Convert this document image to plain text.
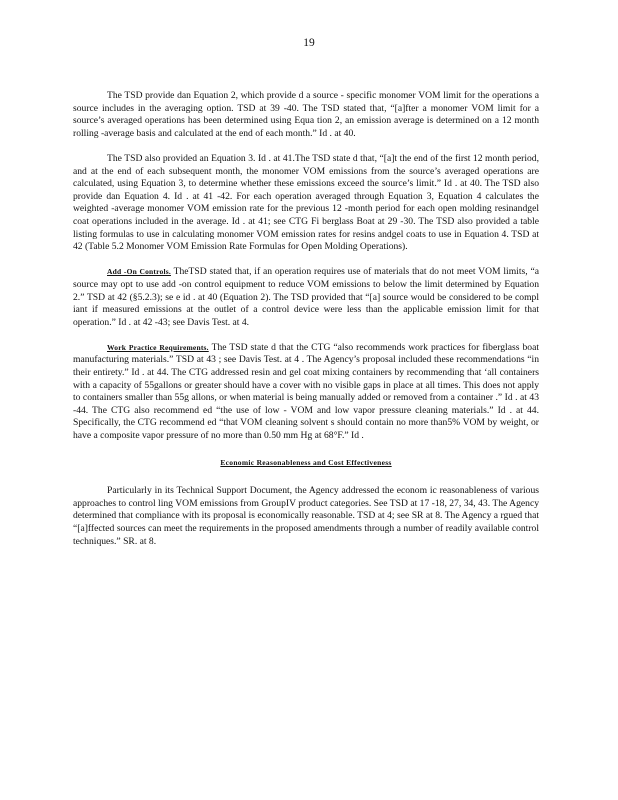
19

The TSD provide dan Equation 2, which provide d a source - specific monomer VOM limit for the operations a source includes in the averaging option. TSD at 39 -40. The TSD stated that, “[a]fter a monomer VOM limit for a source’s averaged operations has been determined using Equa tion 2, an emission average is determined on a 12 month rolling -average basis and calculated at the end of each month.” Id . at 40.

The TSD also provided an Equation 3. Id . at 41.The TSD state d that, “[a]t the end of the first 12 month period, and at the end of each subsequent month, the monomer VOM emissions from the source’s averaged operations are calculated, using Equation 3, to determine whether these emissions exceed the source’s limit.” Id . at 40. The TSD also provide dan Equation 4. Id . at 41 -42. For each operation averaged through Equation 3, Equation 4 calculates the weighted -average monomer VOM emission rate for the previous 12 -month period for each open molding resinandgel coat operations included in the average. Id . at 41; see CTG Fi berglass Boat at 29 -30. The TSD also provided a table listing formulas to use in calculating monomer VOM emission rates for resins andgel coats to use in Equation 4. TSD at 42 (Table 5.2 Monomer VOM Emission Rate Formulas for Open Molding Operations).

Add -On Controls. TheTSD stated that, if an operation requires use of materials that do not meet VOM limits, “a source may opt to use add -on control equipment to reduce VOM emissions to below the limit determined by Equation 2.” TSD at 42 (§5.2.3); se e id . at 40 (Equation 2). The TSD provided that “[a] source would be considered to be compl iant if measured emissions at the outlet of a control device were less than the applicable emission limit for that operation.” Id . at 42 -43; see Davis Test. at 4.

Work Practice Requirements. The TSD state d that the CTG “also recommends work practices for fiberglass boat manufacturing materials.” TSD at 43 ; see Davis Test. at 4 . The Agency’s proposal included these recommendations “in their entirety.” Id . at 44. The CTG addressed resin and gel coat mixing containers by recommending that ‘all containers with a capacity of 55gallons or greater should have a cover with no visible gaps in place at all times. This does not apply to containers smaller than 55g allons, or when material is being manually added or removed from a container .” Id . at 43 -44. The CTG also recommend ed “the use of low - VOM and low vapor pressure cleaning materials.” Id . at 44. Specifically, the CTG recommend ed “that VOM cleaning solvent s should contain no more than5% VOM by weight, or have a composite vapor pressure of no more than 0.50 mm Hg at 68°F.” Id .

Economic Reasonableness and Cost Effectiveness

Particularly in its Technical Support Document, the Agency addressed the econom ic reasonableness of various approaches to control ling VOM emissions from GroupIV product categories. See TSD at 17 -18, 27, 34, 43. The Agency determined that compliance with its proposal is economically reasonable. TSD at 4; see SR at 8. The Agency a rgued that “[a]ffected sources can meet the requirements in the proposed amendments through a number of readily available control techniques.” SR. at 8.
